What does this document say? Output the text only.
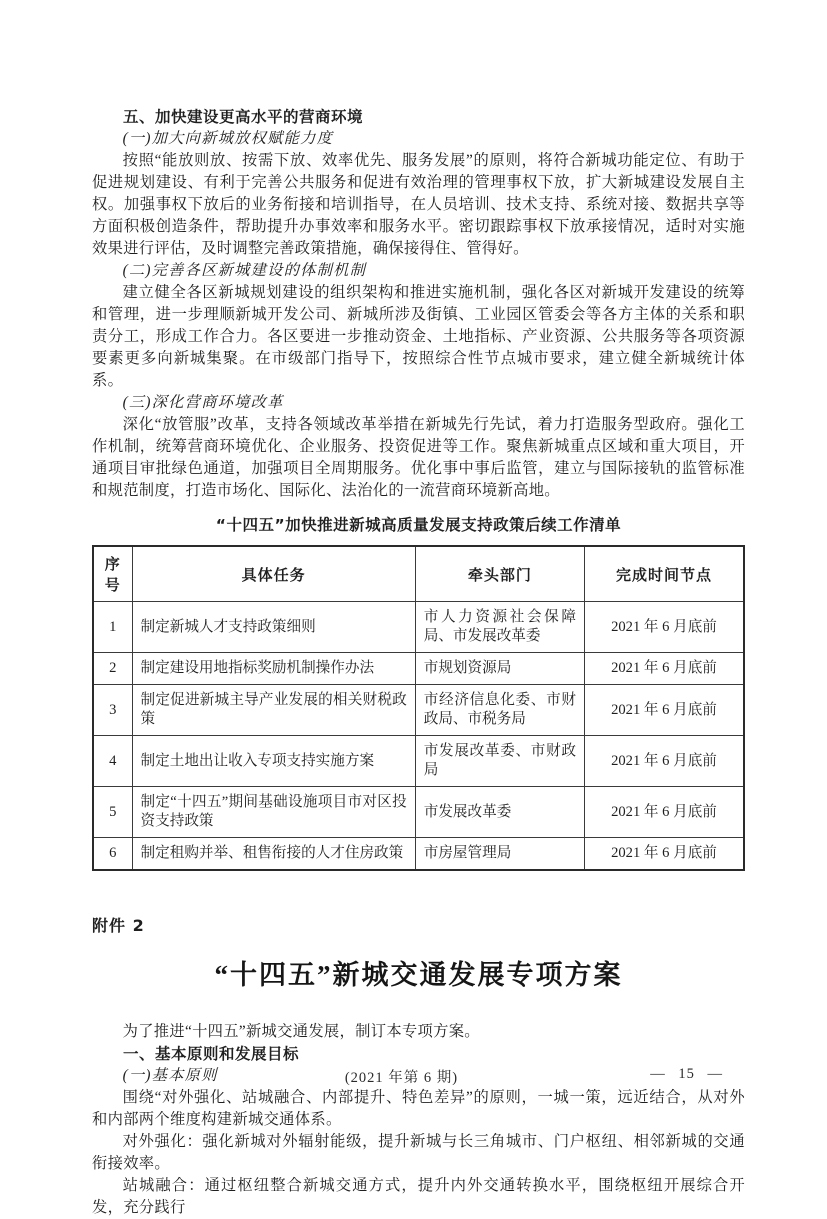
五、加快建设更高水平的营商环境

(一)加大向新城放权赋能力度

按照“能放则放、按需下放、效率优先、服务发展”的原则，将符合新城功能定位、有助于促进规划建设、有利于完善公共服务和促进有效治理的管理事权下放，扩大新城建设发展自主权。加强事权下放后的业务衔接和培训指导，在人员培训、技术支持、系统对接、数据共享等方面积极创造条件，帮助提升办事效率和服务水平。密切跟踪事权下放承接情况，适时对实施效果进行评估，及时调整完善政策措施，确保接得住、管得好。

(二)完善各区新城建设的体制机制

建立健全各区新城规划建设的组织架构和推进实施机制，强化各区对新城开发建设的统筹和管理，进一步理顺新城开发公司、新城所涉及街镇、工业园区管委会等各方主体的关系和职责分工，形成工作合力。各区要进一步推动资金、土地指标、产业资源、公共服务等各项资源要素更多向新城集聚。在市级部门指导下，按照综合性节点城市要求，建立健全新城统计体系。

(三)深化营商环境改革

深化“放管服”改革，支持各领域改革举措在新城先行先试，着力打造服务型政府。强化工作机制，统筹营商环境优化、企业服务、投资促进等工作。聚焦新城重点区域和重大项目，开通项目审批绿色通道，加强项目全周期服务。优化事中事后监管，建立与国际接轨的监管标准和规范制度，打造市场化、国际化、法治化的一流营商环境新高地。

“十四五”加快推进新城高质量发展支持政策后续工作清单

序号	具体任务	牵头部门	完成时间节点
1	制定新城人才支持政策细则	市人力资源社会保障局、市发展改革委	2021 年 6 月底前
2	制定建设用地指标奖励机制操作办法	市规划资源局	2021 年 6 月底前
3	制定促进新城主导产业发展的相关财税政策	市经济信息化委、市财政局、市税务局	2021 年 6 月底前
4	制定土地出让收入专项支持实施方案	市发展改革委、市财政局	2021 年 6 月底前
5	制定“十四五”期间基础设施项目市对区投资支持政策	市发展改革委	2021 年 6 月底前
6	制定租购并举、租售衔接的人才住房政策	市房屋管理局	2021 年 6 月底前

附件 2

“十四五”新城交通发展专项方案

为了推进“十四五”新城交通发展，制订本专项方案。

一、基本原则和发展目标

(一)基本原则

围绕“对外强化、站城融合、内部提升、特色差异”的原则，一城一策，远近结合，从对外和内部两个维度构建新城交通体系。

对外强化：强化新城对外辐射能级，提升新城与长三角城市、门户枢纽、相邻新城的交通衔接效率。

站城融合：通过枢纽整合新城交通方式，提升内外交通转换水平，围绕枢纽开展综合开发，充分践行

(2021 年第 6 期)	— 15 —
